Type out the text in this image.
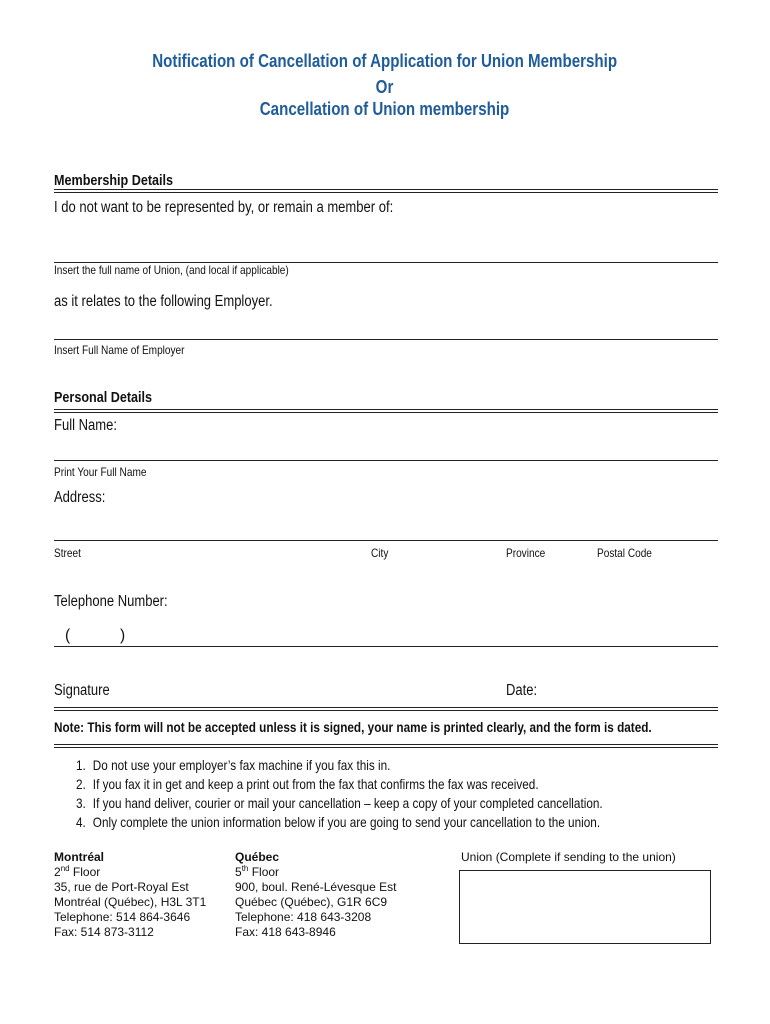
Notification of Cancellation of Application for Union Membership
Or
Cancellation of Union membership
Membership Details
I do not want to be represented by, or remain a member of:
Insert the full name of Union, (and local if applicable)
as it relates to the following Employer.
Insert Full Name of Employer
Personal Details
Full Name:
Print Your Full Name
Address:
Street	City	Province	Postal Code
Telephone Number:
(	)
Signature	Date:
Note: This form will not be accepted unless it is signed, your name is printed clearly, and the form is dated.
1. Do not use your employer’s fax machine if you fax this in.
2. If you fax it in get and keep a print out from the fax that confirms the fax was received.
3. If you hand deliver, courier or mail your cancellation – keep a copy of your completed cancellation.
4. Only complete the union information below if you are going to send your cancellation to the union.
Montréal
2nd Floor
35, rue de Port-Royal Est
Montréal (Québec), H3L 3T1
Telephone: 514 864-3646
Fax: 514 873-3112
Québec
5th Floor
900, boul. René-Lévesque Est
Québec (Québec), G1R 6C9
Telephone: 418 643-3208
Fax: 418 643-8946
Union (Complete if sending to the union)
